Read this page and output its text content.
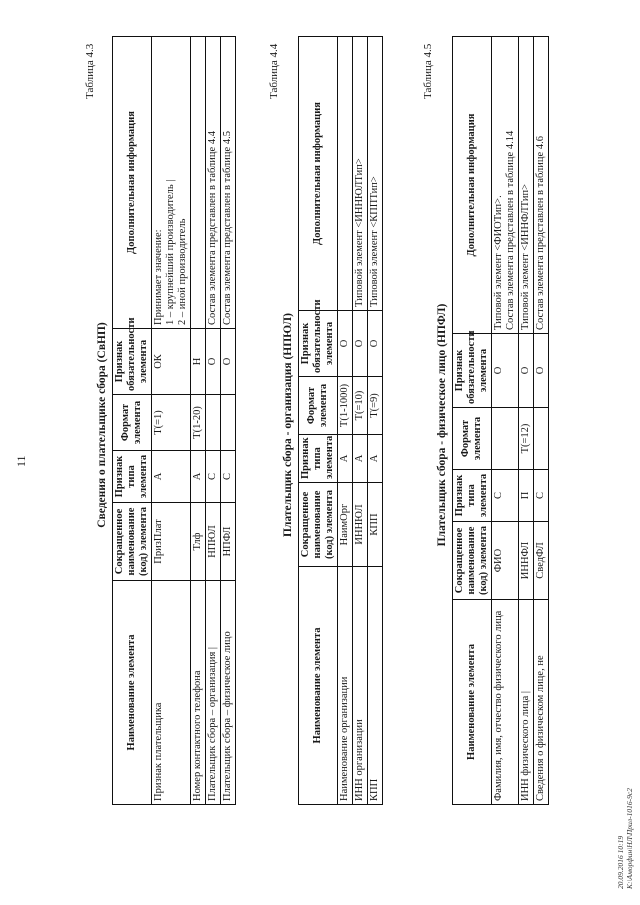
11
Таблица 4.3
Сведения о плательщике сбора (СвНП)
Наименование элемента	Сокращенное наименование (код) элемента	Признак типа элемента	Формат элемента	Признак обязательности элемента	Дополнительная информация
Признак плательщика	ПризПлат	А	Т(=1)	ОК	Принимает значение:
1 – крупнейший производитель |
2 – иной производитель
Номер контактного телефона	Тлф	А	Т(1-20)	Н	
Плательщик сбора – организация |	НПЮЛ	С		О	Состав элемента представлен в таблице 4.4
Плательщик сбора – физическое лицо	НПФЛ	С		О	Состав элемента представлен в таблице 4.5
Таблица 4.4
Плательщик сбора - организация (НПЮЛ)
Наименование элемента	Сокращенное наименование (код) элемента	Признак типа элемента	Формат элемента	Признак обязательности элемента	Дополнительная информация
Наименование организации	НаимОрг	А	Т(1-1000)	О	
ИНН организации	ИННЮЛ	А	Т(=10)	О	Типовой элемент <ИННЮЛТип>
КПП	КПП	А	Т(=9)	О	Типовой элемент <КППТип>
Таблица 4.5
Плательщик сбора - физическое лицо (НПФЛ)
Наименование элемента	Сокращенное наименование (код) элемента	Признак типа элемента	Формат элемента	Признак обязательности элемента	Дополнительная информация
Фамилия, имя, отчество физического лица	ФИО	С		О	Типовой элемент <ФИОТип>.
Состав элемента представлен в таблице 4.14
ИНН физического лица |	ИННФЛ	П	Т(=12)	О	Типовой элемент <ИННФЛТип>
Сведения о физическом лице, не	СведФЛ	С		О	Состав элемента представлен в таблице 4.6
20.09.2016 10:19 К:\Аморфин\НЛ\Прил-1016-9с2
